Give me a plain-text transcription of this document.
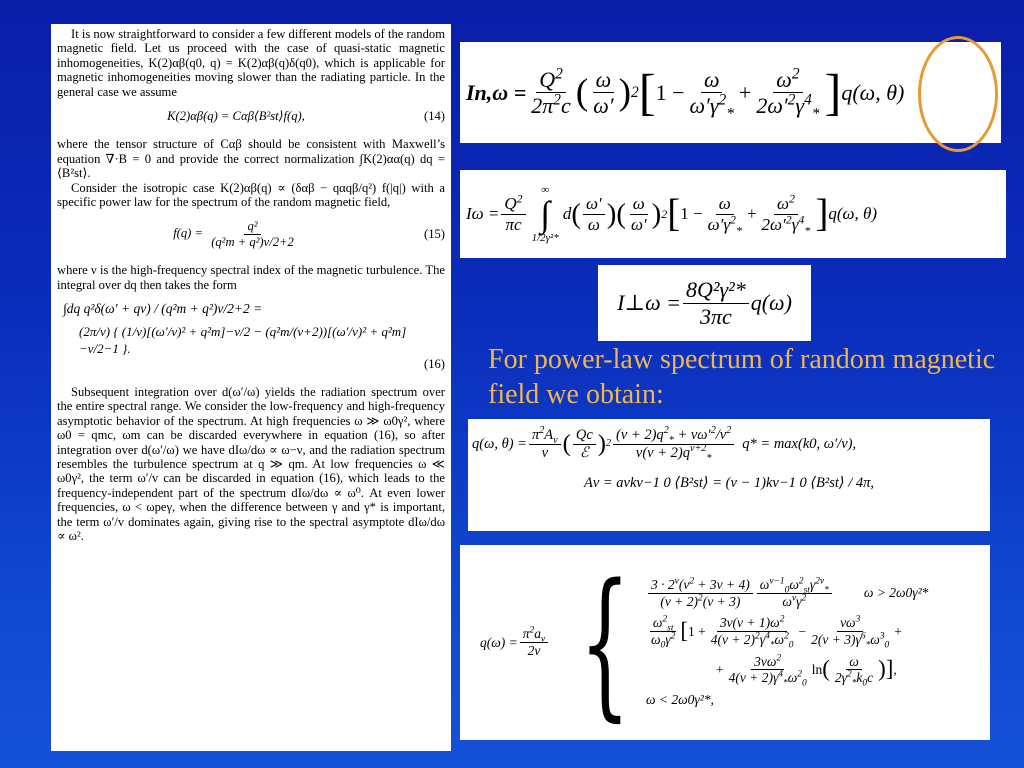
It is now straightforward to consider a few different models of the random magnetic field. Let us proceed with the case of quasi-static magnetic inhomogeneities, K(2)αβ(q0, q) = K(2)αβ(q)δ(q0), which is applicable for magnetic inhomogeneities moving slower than the radiating particle. In the general case we assume

K(2)αβ(q) = Cαβ⟨B²st⟩f(q),	(14)

where the tensor structure of Cαβ should be consistent with Maxwell’s equation ∇·B = 0 and provide the correct normalization ∫K(2)αα(q) dq = ⟨B²st⟩.

Consider the isotropic case K(2)αβ(q) ∝ (δαβ − qαqβ/q²) f(|q|) with a specific power law for the spectrum of the random magnetic field,

$f(q) = \frac{\text{q²}}{\text{(q²m + q²)ν/2+2}}$	(15)

where ν is the high-frequency spectral index of the magnetic turbulence. The integral over dq then takes the form

∫dq q²δ(ω′ + qv) / (q²m + q²)ν/2+2 =
(2π/v) { (1/ν)[(ω′/v)² + q²m]−ν/2 − (q²m/(ν+2))[(ω′/v)² + q²m]−ν/2−1 }.
(16)

Subsequent integration over d(ω′/ω) yields the radiation spectrum over the entire spectral range. We consider the low-frequency and high-frequency asymptotic behavior of the spectrum. At high frequencies ω ≫ ω0γ², where ω0 = qmc, ωm can be discarded everywhere in equation (16), so after integration over d(ω′/ω) we have dIω/dω ∝ ω−ν, and the radiation spectrum resembles the turbulence spectrum at q ≫ qm. At low frequencies ω ≪ ω0γ², the term ω′/v can be discarded in equation (16), which leads to the frequency-independent part of the spectrum dIω/dω ∝ ω⁰. At even lower frequencies, ω < ωpeγ, when the difference between γ and γ* is important, the term ω′/v dominates again, giving rise to the spectral asymptote dIω/dω ∝ ω².

$In,\omega = \frac{Q^2}{2\pi^2c}$ ( $\frac{\omega}{\omega'}$ ) 2 [ $1 - \frac{\omega}{\omega'\gamma^2_*} + \frac{\omega^2}{2\omega'^2\gamma^4_*}$ ] q(ω, θ)
$I\omega = \frac{Q^2}{\pi c}$
∞
∫
1/2γ²*
d ( $\frac{\omega'}{\omega}$ ) ( $\frac{\omega}{\omega'}$ ) 2 [ $1 - \frac{\omega}{\omega'\gamma^2_*} + \frac{\omega^2}{2\omega'^2\gamma^4_*}$ ] q(ω, θ)
I⊥ω = $\frac{\text{8Q²γ²*}}{3\pi c} q(\omega)$

For power-law spectrum of random magnetic field we obtain:

q(ω, $\theta) = \frac{\pi^2A_\nu}{v}$ ( $\frac{Qc}{\text{ℰ}}$ ) $2 \frac{(\nu + 2)q^2_* + \nu\omega'^2/v^2}{\nu(\nu + 2)q^{\nu+2}_*} q* = \max(k0$, ω′/v),
Aν = aνkν−1 0 ⟨B²st⟩ = (ν − 1)kν−1 0 ⟨B²st⟩ / 4π,
$q(\omega) = \frac{\pi^2a_\nu}{2\nu}$ { $\frac{3 \cdot 2^\nu(\nu^2 + 3\nu + 4)}{(\nu + 2)^2(\nu + 3)} \frac{\omega^{\nu-1}_0\omega^2_{st}\gamma^{2\nu}_*}{\omega^\nu\gamma^2}$ ω > 2ω0γ²*
$\frac{\omega^2_{st}}{\omega_0\gamma^2}$ [ $1 + \frac{3\nu(\nu + 1)\omega^2}{4(\nu + 2)^2\gamma^4_*\omega^2_0} - \frac{\nu\omega^3}{2(\nu + 3)\gamma^6_*\omega^3_0}$ +
+ $\frac{3\nu\omega^2}{4(\nu + 2)\gamma^4_*\omega^2_0}$ ln ( $\frac{\omega}{2\gamma^2_*k_0c}$ ) ] ,
ω < 2ω0γ²*,
